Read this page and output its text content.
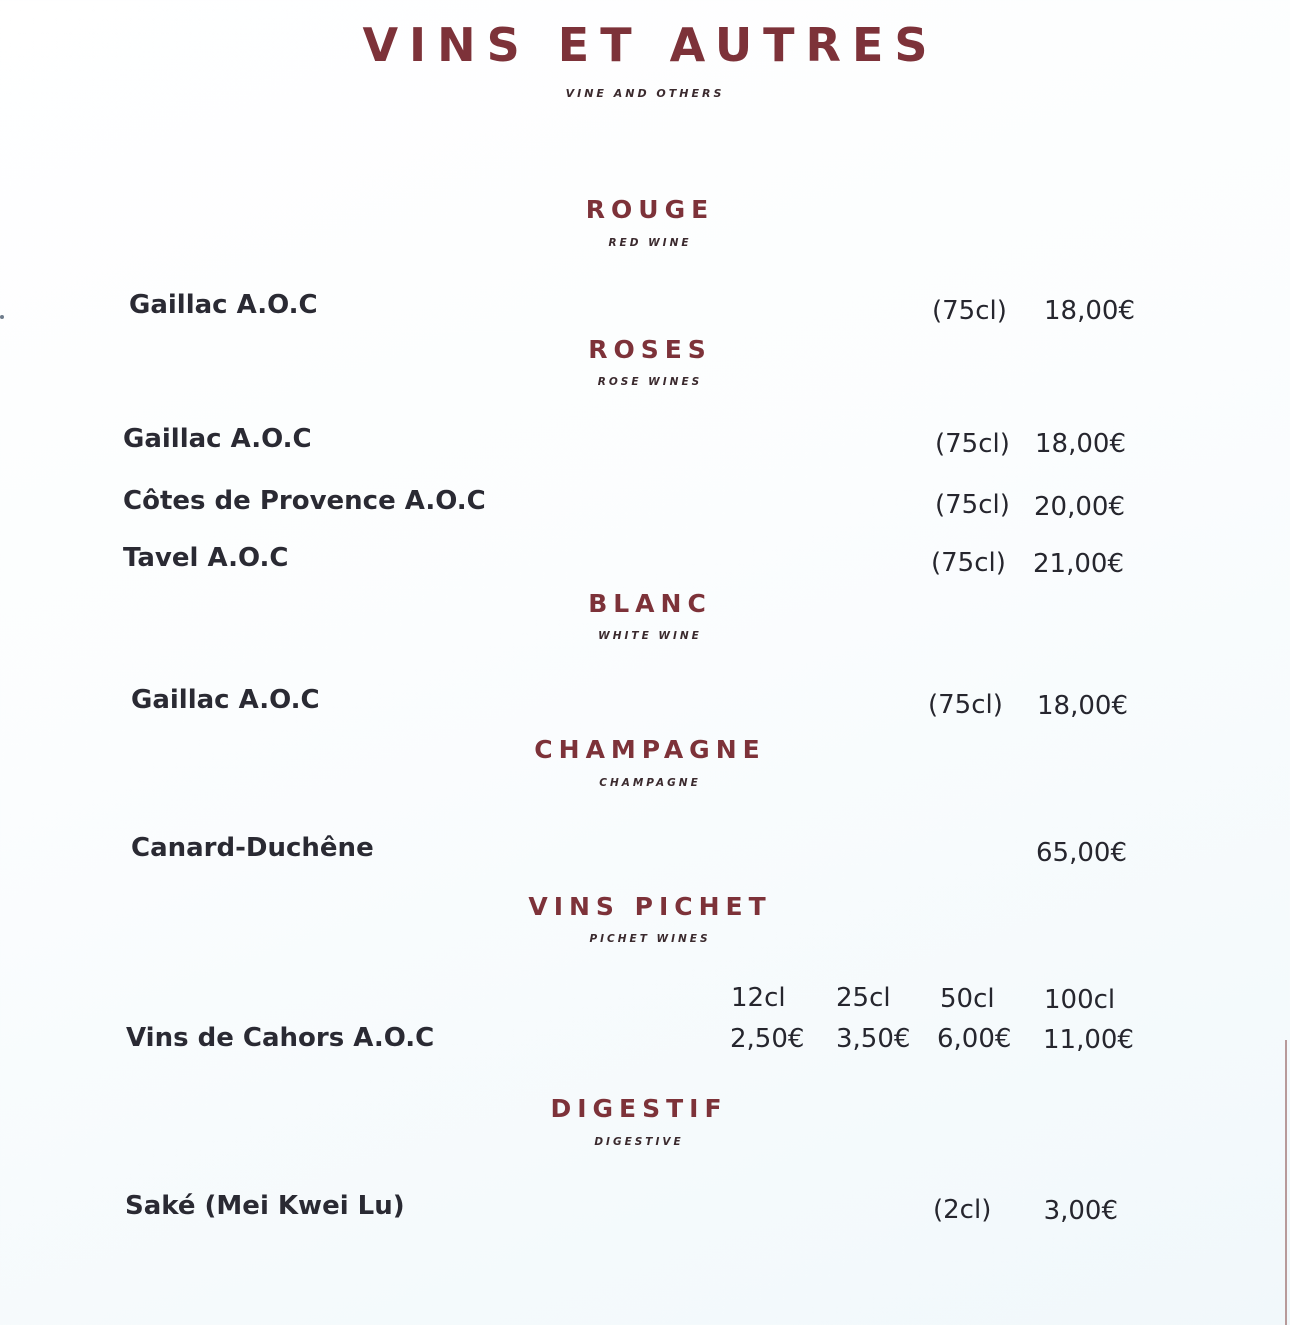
VINS ET AUTRES
VINE AND OTHERS
ROUGE
RED WINE
Gaillac A.O.C	(75cl) 18,00€
ROSES
ROSE WINES
Gaillac A.O.C	(75cl) 18,00€
Côtes de Provence A.O.C	(75cl) 20,00€
Tavel A.O.C	(75cl) 21,00€
BLANC
WHITE WINE
Gaillac A.O.C	(75cl) 18,00€
CHAMPAGNE
CHAMPAGNE
Canard-Duchêne	65,00€
VINS PICHET
PICHET WINES
12cl 25cl 50cl 100cl
Vins de Cahors A.O.C	2,50€ 3,50€ 6,00€ 11,00€
DIGESTIF
DIGESTIVE
Saké (Mei Kwei Lu)	(2cl) 3,00€
